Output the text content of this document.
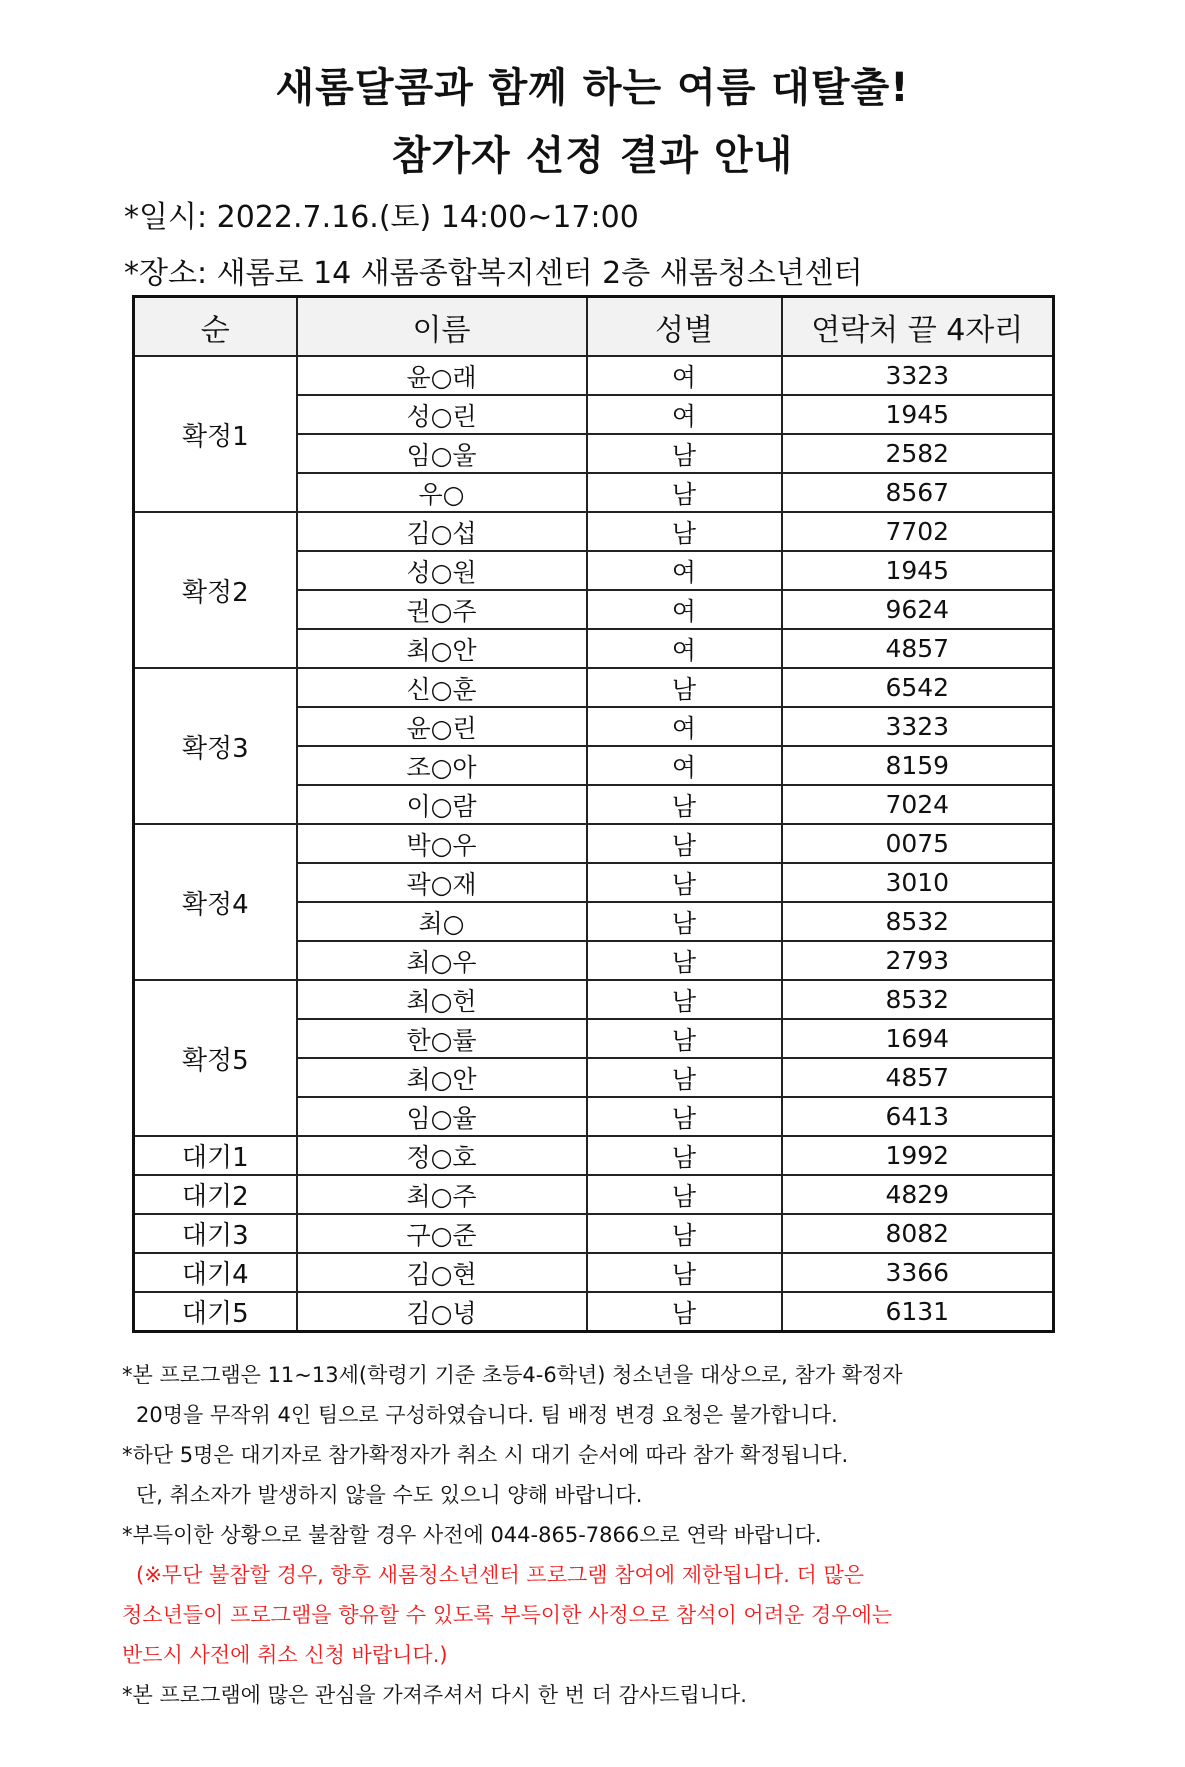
새롬달콤과 함께 하는 여름 대탈출!
참가자 선정 결과 안내
*일시: 2022.7.16.(토) 14:00~17:00
*장소: 새롬로 14 새롬종합복지센터 2층 새롬청소년센터
순	이름	성별	연락처 끝 4자리
확정1	윤○래	여	3323
	성○린	여	1945
	임○울	남	2582
	우○	남	8567
확정2	김○섭	남	7702
	성○원	여	1945
	권○주	여	9624
	최○안	여	4857
확정3	신○훈	남	6542
	윤○린	여	3323
	조○아	여	8159
	이○람	남	7024
확정4	박○우	남	0075
	곽○재	남	3010
	최○	남	8532
	최○우	남	2793
확정5	최○헌	남	8532
	한○률	남	1694
	최○안	남	4857
	임○율	남	6413
대기1	정○호	남	1992
대기2	최○주	남	4829
대기3	구○준	남	8082
대기4	김○현	남	3366
대기5	김○녕	남	6131
*본 프로그램은 11~13세(학령기 기준 초등4-6학년) 청소년을 대상으로, 참가 확정자
20명을 무작위 4인 팀으로 구성하였습니다. 팀 배정 변경 요청은 불가합니다.
*하단 5명은 대기자로 참가확정자가 취소 시 대기 순서에 따라 참가 확정됩니다.
단, 취소자가 발생하지 않을 수도 있으니 양해 바랍니다.
*부득이한 상황으로 불참할 경우 사전에 044-865-7866으로 연락 바랍니다.
(※무단 불참할 경우, 향후 새롬청소년센터 프로그램 참여에 제한됩니다. 더 많은
청소년들이 프로그램을 향유할 수 있도록 부득이한 사정으로 참석이 어려운 경우에는
반드시 사전에 취소 신청 바랍니다.)
*본 프로그램에 많은 관심을 가져주셔서 다시 한 번 더 감사드립니다.
